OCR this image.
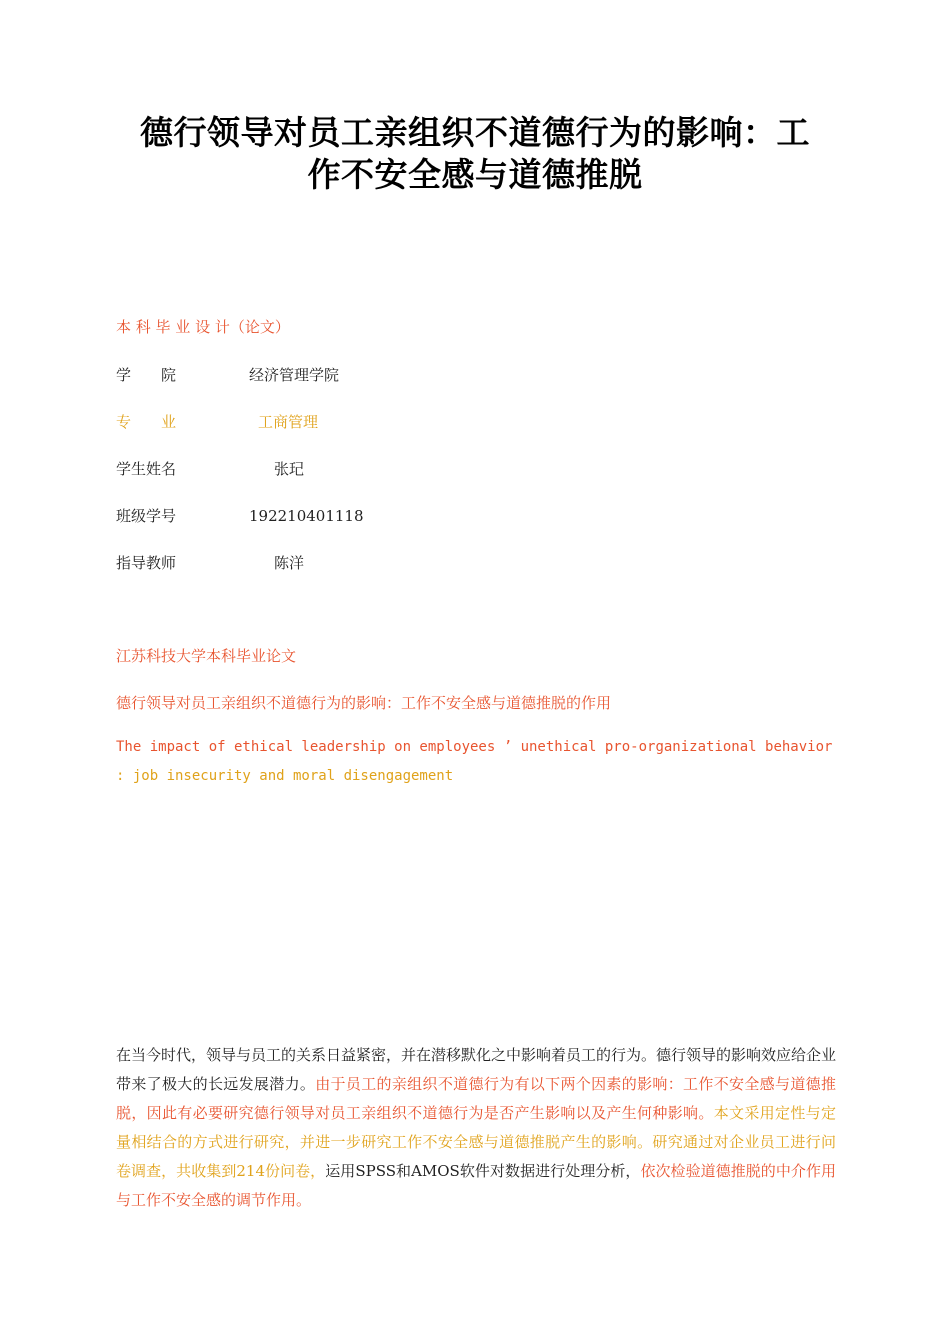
德行领导对员工亲组织不道德行为的影响：工
作不安全感与道德推脱
本 科 毕 业 设 计（论文）
学　　院	经济管理学院
专　　业	工商管理
学生姓名	张玘
班级学号	192210401118
指导教师	陈洋
江苏科技大学本科毕业论文
德行领导对员工亲组织不道德行为的影响：工作不安全感与道德推脱的作用
The impact of ethical leadership on employees ’ unethical pro-organizational behavior
: job insecurity and moral disengagement
在当今时代，领导与员工的关系日益紧密，并在潜移默化之中影响着员工的行为。德行领导的影响效应给企业带来了极大的长远发展潜力。由于员工的亲组织不道德行为有以下两个因素的影响：工作不安全感与道德推脱，因此有必要研究德行领导对员工亲组织不道德行为是否产生影响以及产生何种影响。本文采用定性与定量相结合的方式进行研究，并进一步研究工作不安全感与道德推脱产生的影响。研究通过对企业员工进行问卷调查，共收集到214份问卷，运用SPSS和AMOS软件对数据进行处理分析，依次检验道德推脱的中介作用与工作不安全感的调节作用。
